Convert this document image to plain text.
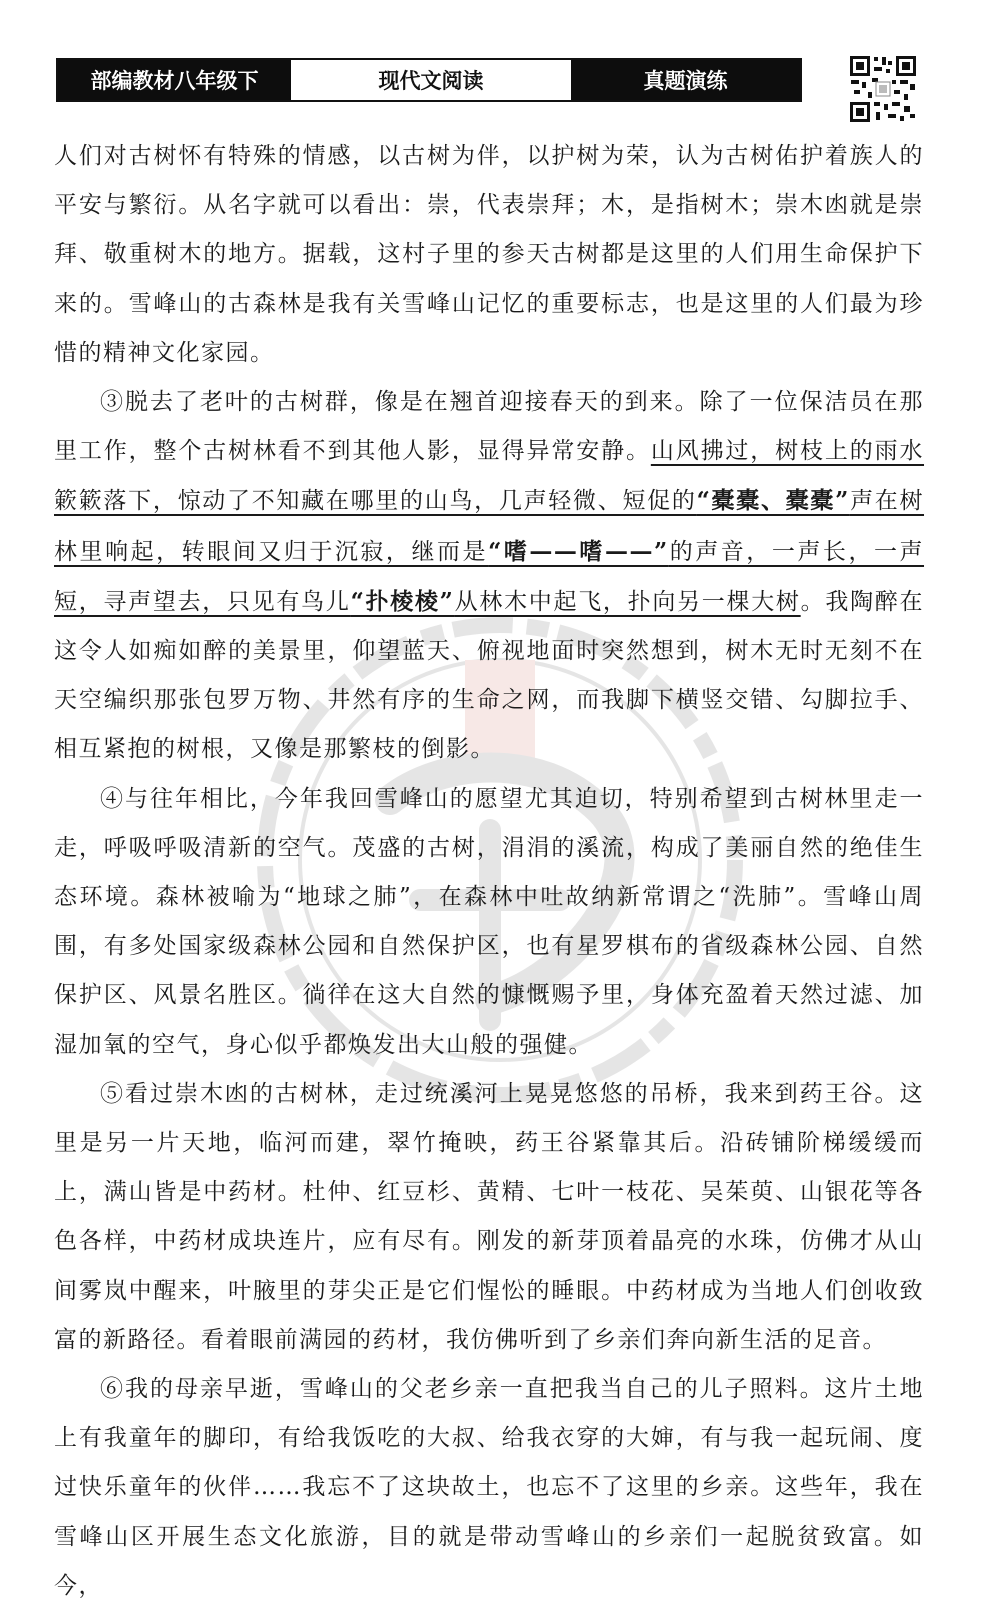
部编教材八年级下	现代文阅读	真题演练

人们对古树怀有特殊的情感，以古树为伴，以护树为荣，认为古树佑护着族人的平安与繁衍。从名字就可以看出：崇，代表崇拜；木，是指树木；崇木凼就是崇拜、敬重树木的地方。据载，这村子里的参天古树都是这里的人们用生命保护下来的。雪峰山的古森林是我有关雪峰山记忆的重要标志，也是这里的人们最为珍惜的精神文化家园。

③脱去了老叶的古树群，像是在翘首迎接春天的到来。除了一位保洁员在那里工作，整个古树林看不到其他人影，显得异常安静。山风拂过，树枝上的雨水簌簌落下，惊动了不知藏在哪里的山鸟，几声轻微、短促的“橐橐、橐橐”声在树林里响起，转眼间又归于沉寂，继而是“嗜——嗜——”的声音，一声长，一声短，寻声望去，只见有鸟儿“扑棱棱”从林木中起飞，扑向另一棵大树。我陶醉在这令人如痴如醉的美景里，仰望蓝天、俯视地面时突然想到，树木无时无刻不在天空编织那张包罗万物、井然有序的生命之网，而我脚下横竖交错、勾脚拉手、相互紧抱的树根，又像是那繁枝的倒影。

④与往年相比，今年我回雪峰山的愿望尤其迫切，特别希望到古树林里走一走，呼吸呼吸清新的空气。茂盛的古树，涓涓的溪流，构成了美丽自然的绝佳生态环境。森林被喻为“地球之肺”，在森林中吐故纳新常谓之“洗肺”。雪峰山周围，有多处国家级森林公园和自然保护区，也有星罗棋布的省级森林公园、自然保护区、风景名胜区。徜徉在这大自然的慷慨赐予里，身体充盈着天然过滤、加湿加氧的空气，身心似乎都焕发出大山般的强健。

⑤看过崇木凼的古树林，走过统溪河上晃晃悠悠的吊桥，我来到药王谷。这里是另一片天地，临河而建，翠竹掩映，药王谷紧靠其后。沿砖铺阶梯缓缓而上，满山皆是中药材。杜仲、红豆杉、黄精、七叶一枝花、吴茱萸、山银花等各色各样，中药材成块连片，应有尽有。刚发的新芽顶着晶亮的水珠，仿佛才从山间雾岚中醒来，叶腋里的芽尖正是它们惺忪的睡眼。中药材成为当地人们创收致富的新路径。看着眼前满园的药材，我仿佛听到了乡亲们奔向新生活的足音。

⑥我的母亲早逝，雪峰山的父老乡亲一直把我当自己的儿子照料。这片土地上有我童年的脚印，有给我饭吃的大叔、给我衣穿的大婶，有与我一起玩闹、度过快乐童年的伙伴……我忘不了这块故土，也忘不了这里的乡亲。这些年，我在雪峰山区开展生态文化旅游，目的就是带动雪峰山的乡亲们一起脱贫致富。如今，
